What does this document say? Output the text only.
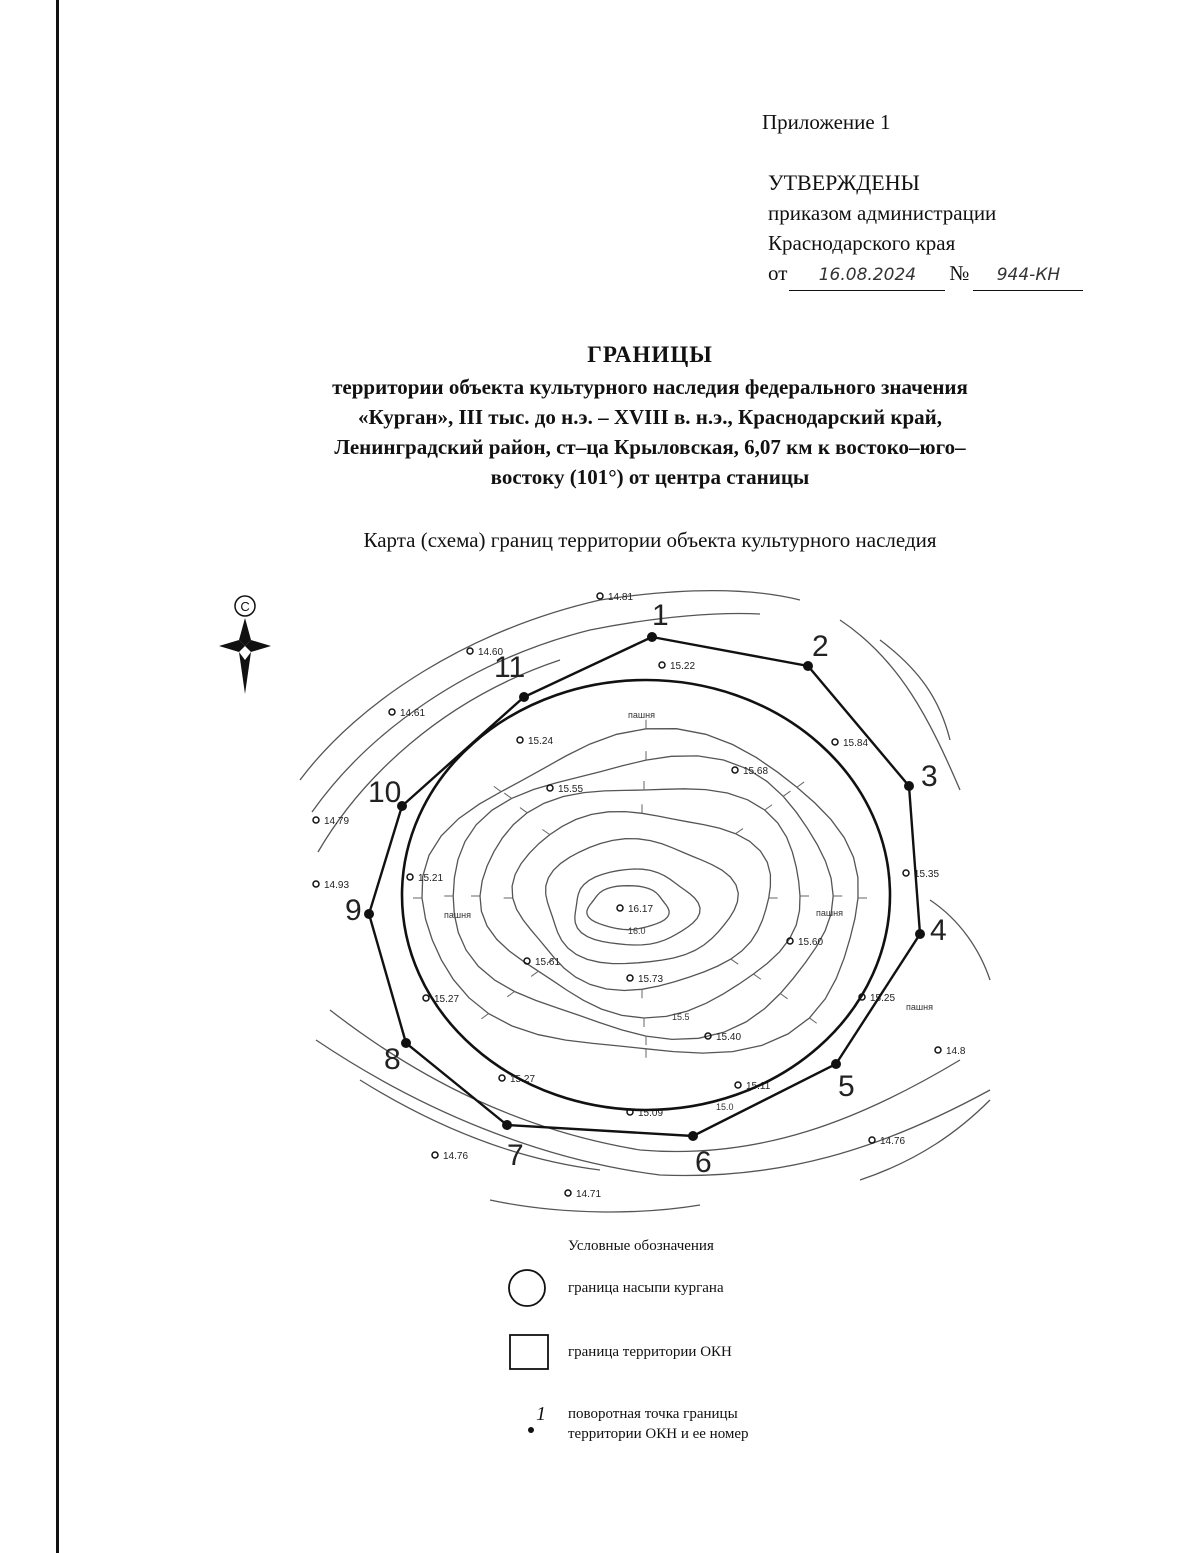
Приложение 1
УТВЕРЖДЕНЫ
приказом администрации
Краснодарского края
от 16.08.2024 № 944-КН
ГРАНИЦЫ
территории объекта культурного наследия федерального значения
«Курган», III тыс. до н.э. – XVIII в. н.э., Краснодарский край,
Ленинградский район, ст–ца Крыловская, 6,07 км к востоко–юго–
востоку (101°) от центра станицы
Карта (схема) границ территории объекта культурного наследия
14.81
15.22
14.60
15.24
14.61
15.55
15.68
15.84
14.79
14.93
15.21	15.35
16.17
15.60
15.61
15.73
15.27	15.25
15.40
15.27
15.11
15.09
14.8
14.76
14.76
14.71
15.5
15.0
16.0
пашня
пашня
пашня
пашня
1
2
3
4
5
6
7
8
9
10
11
С
Условные обозначения
граница насыпи кургана
граница территории ОКН
1 поворотная точка границы
территории ОКН и ее номер
